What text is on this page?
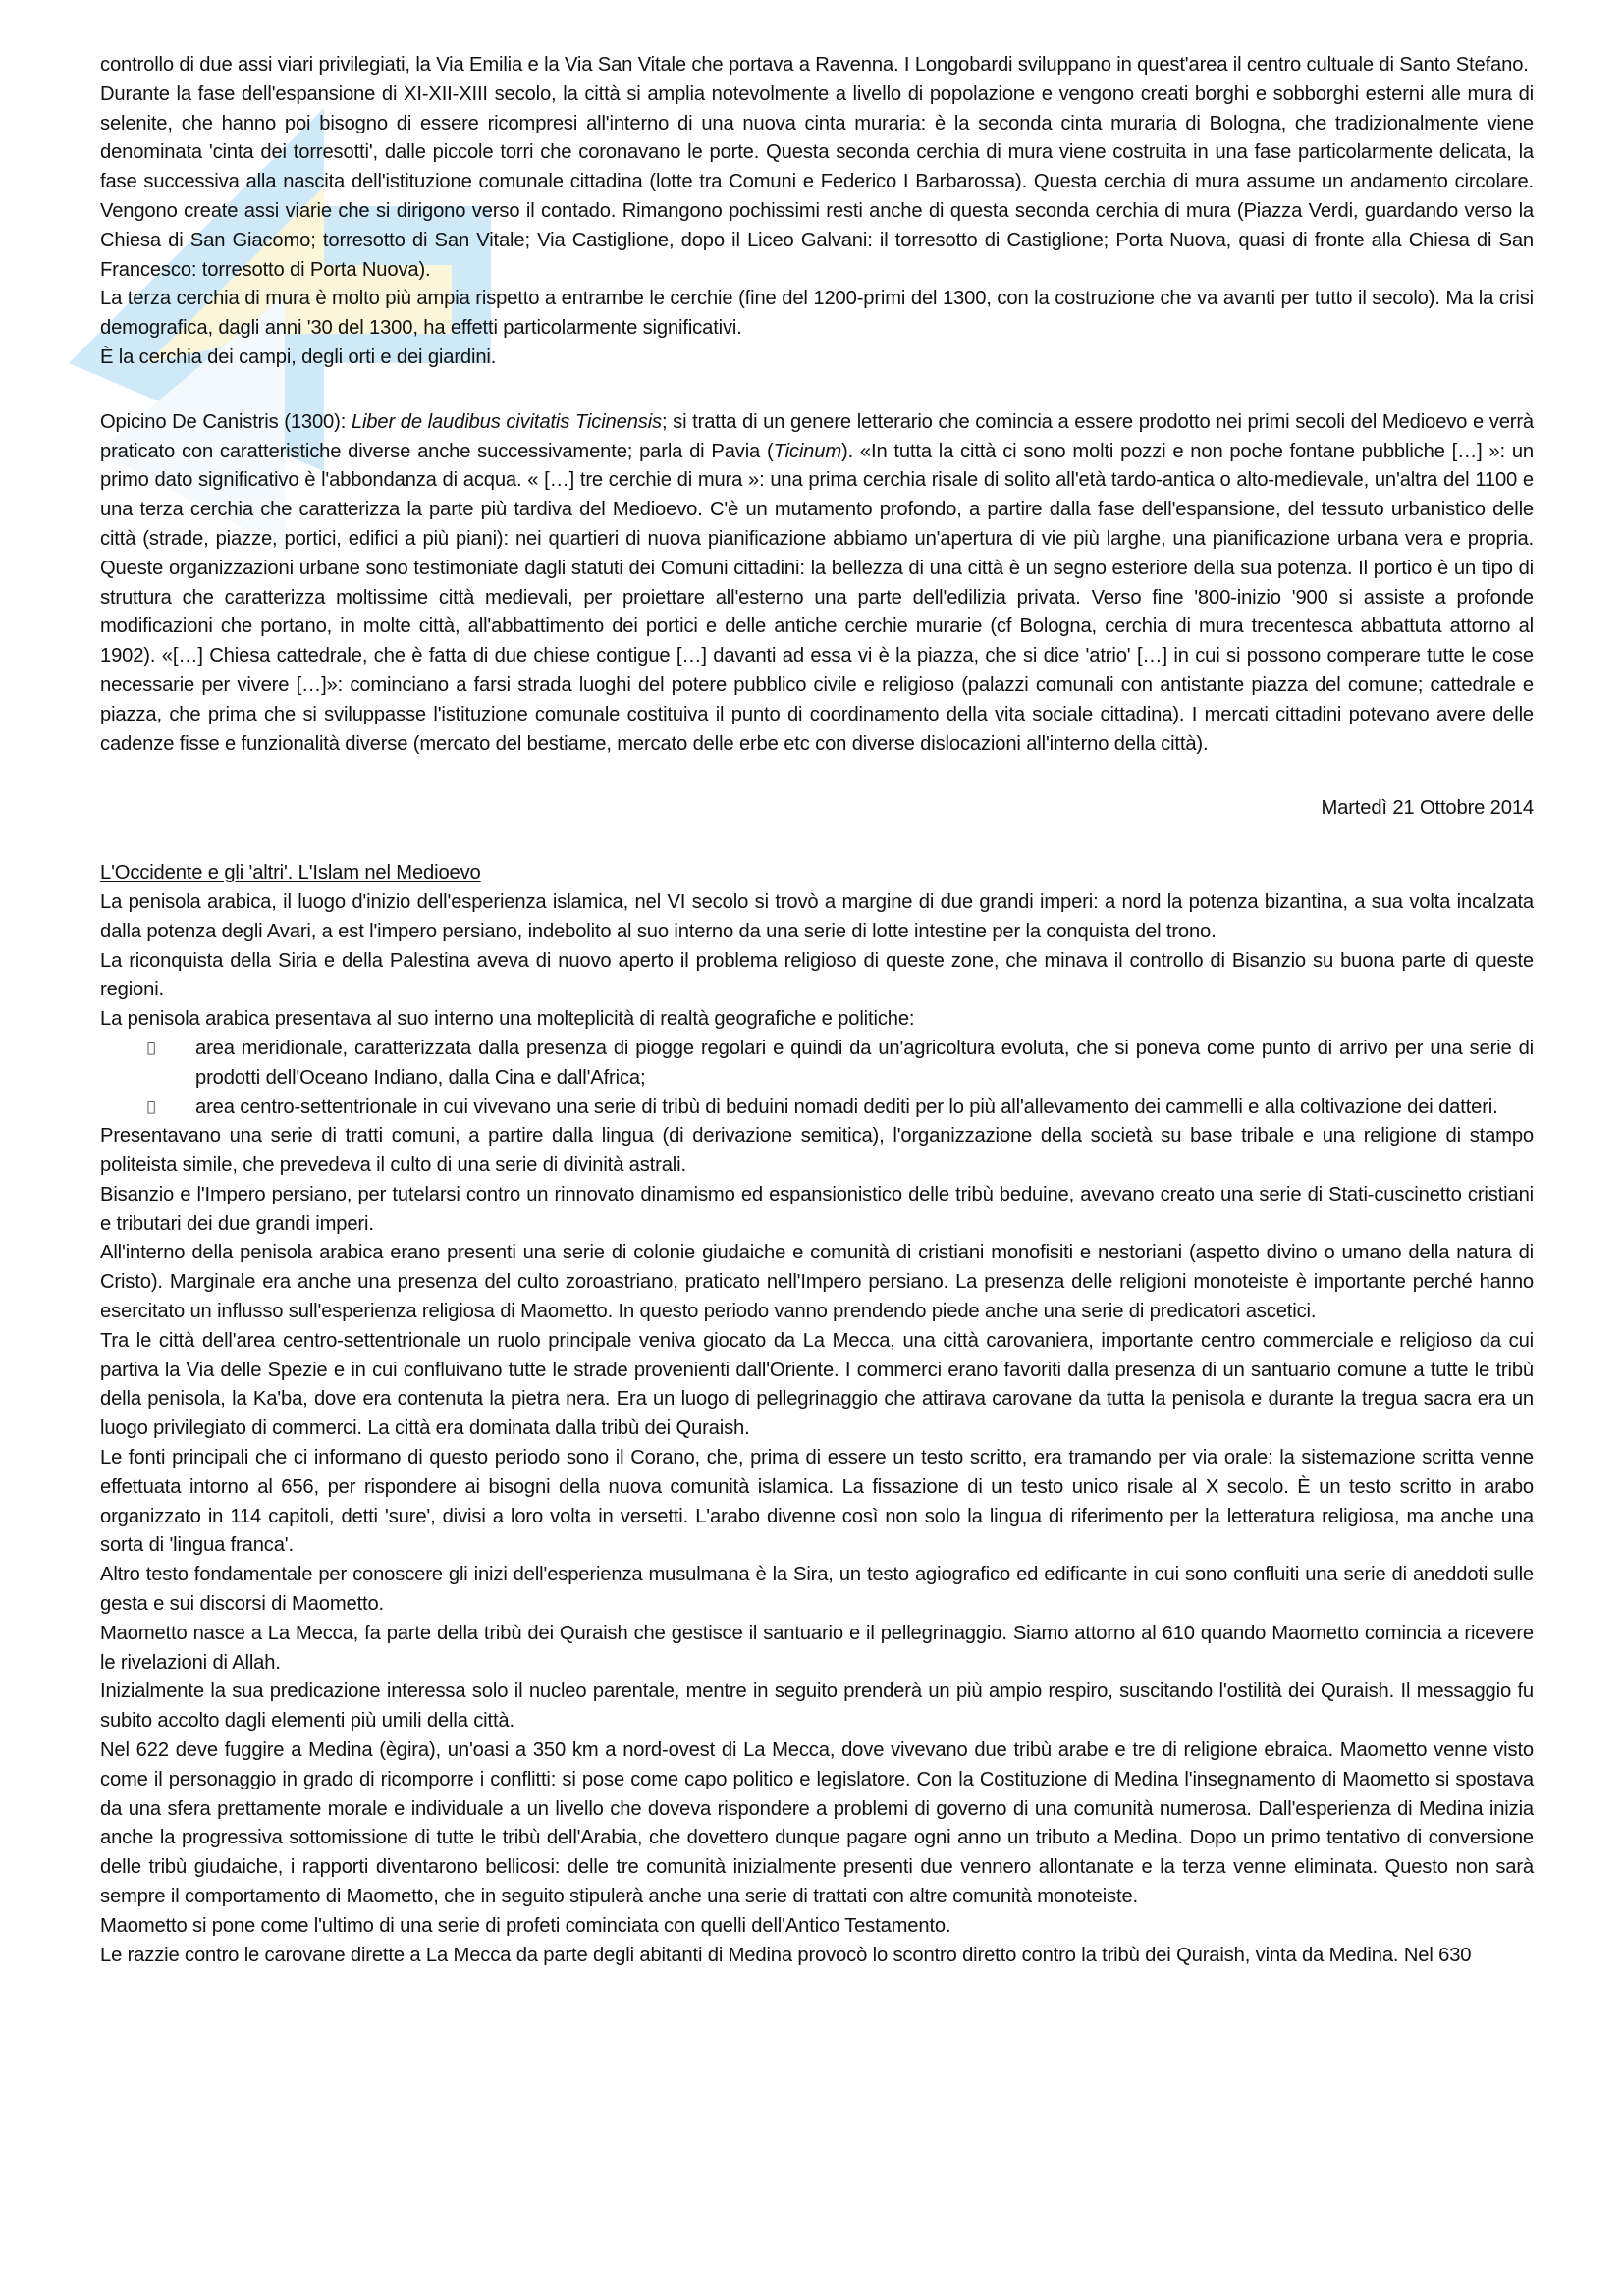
controllo di due assi viari privilegiati, la Via Emilia e la Via San Vitale che portava a Ravenna. I Longobardi sviluppano in quest'area il centro cultuale di Santo Stefano.

Durante la fase dell'espansione di XI-XII-XIII secolo, la città si amplia notevolmente a livello di popolazione e vengono creati borghi e sobborghi esterni alle mura di selenite, che hanno poi bisogno di essere ricompresi all'interno di una nuova cinta muraria: è la seconda cinta muraria di Bologna, che tradizionalmente viene denominata 'cinta dei torresotti', dalle piccole torri che coronavano le porte. Questa seconda cerchia di mura viene costruita in una fase particolarmente delicata, la fase successiva alla nascita dell'istituzione comunale cittadina (lotte tra Comuni e Federico I Barbarossa). Questa cerchia di mura assume un andamento circolare. Vengono create assi viarie che si dirigono verso il contado. Rimangono pochissimi resti anche di questa seconda cerchia di mura (Piazza Verdi, guardando verso la Chiesa di San Giacomo; torresotto di San Vitale; Via Castiglione, dopo il Liceo Galvani: il torresotto di Castiglione; Porta Nuova, quasi di fronte alla Chiesa di San Francesco: torresotto di Porta Nuova).

La terza cerchia di mura è molto più ampia rispetto a entrambe le cerchie (fine del 1200-primi del 1300, con la costruzione che va avanti per tutto il secolo). Ma la crisi demografica, dagli anni '30 del 1300, ha effetti particolarmente significativi.

È la cerchia dei campi, degli orti e dei giardini.

Opicino De Canistris (1300): Liber de laudibus civitatis Ticinensis; si tratta di un genere letterario che comincia a essere prodotto nei primi secoli del Medioevo e verrà praticato con caratteristiche diverse anche successivamente; parla di Pavia (Ticinum). «In tutta la città ci sono molti pozzi e non poche fontane pubbliche […] »: un primo dato significativo è l'abbondanza di acqua. « […] tre cerchie di mura »: una prima cerchia risale di solito all'età tardo-antica o alto-medievale, un'altra del 1100 e una terza cerchia che caratterizza la parte più tardiva del Medioevo. C'è un mutamento profondo, a partire dalla fase dell'espansione, del tessuto urbanistico delle città (strade, piazze, portici, edifici a più piani): nei quartieri di nuova pianificazione abbiamo un'apertura di vie più larghe, una pianificazione urbana vera e propria. Queste organizzazioni urbane sono testimoniate dagli statuti dei Comuni cittadini: la bellezza di una città è un segno esteriore della sua potenza. Il portico è un tipo di struttura che caratterizza moltissime città medievali, per proiettare all'esterno una parte dell'edilizia privata. Verso fine '800-inizio '900 si assiste a profonde modificazioni che portano, in molte città, all'abbattimento dei portici e delle antiche cerchie murarie (cf Bologna, cerchia di mura trecentesca abbattuta attorno al 1902). «[…] Chiesa cattedrale, che è fatta di due chiese contigue […] davanti ad essa vi è la piazza, che si dice 'atrio' […] in cui si possono comperare tutte le cose necessarie per vivere […]»: cominciano a farsi strada luoghi del potere pubblico civile e religioso (palazzi comunali con antistante piazza del comune; cattedrale e piazza, che prima che si sviluppasse l'istituzione comunale costituiva il punto di coordinamento della vita sociale cittadina). I mercati cittadini potevano avere delle cadenze fisse e funzionalità diverse (mercato del bestiame, mercato delle erbe etc con diverse dislocazioni all'interno della città).

Martedì 21 Ottobre 2014

L'Occidente e gli 'altri'. L'Islam nel Medioevo

La penisola arabica, il luogo d'inizio dell'esperienza islamica, nel VI secolo si trovò a margine di due grandi imperi: a nord la potenza bizantina, a sua volta incalzata dalla potenza degli Avari, a est l'impero persiano, indebolito al suo interno da una serie di lotte intestine per la conquista del trono.

La riconquista della Siria e della Palestina aveva di nuovo aperto il problema religioso di queste zone, che minava il controllo di Bisanzio su buona parte di queste regioni.

La penisola arabica presentava al suo interno una molteplicità di realtà geografiche e politiche:

area meridionale, caratterizzata dalla presenza di piogge regolari e quindi da un'agricoltura evoluta, che si poneva come punto di arrivo per una serie di prodotti dell'Oceano Indiano, dalla Cina e dall'Africa;
area centro-settentrionale in cui vivevano una serie di tribù di beduini nomadi dediti per lo più all'allevamento dei cammelli e alla coltivazione dei datteri.

Presentavano una serie di tratti comuni, a partire dalla lingua (di derivazione semitica), l'organizzazione della società su base tribale e una religione di stampo politeista simile, che prevedeva il culto di una serie di divinità astrali.

Bisanzio e l'Impero persiano, per tutelarsi contro un rinnovato dinamismo ed espansionistico delle tribù beduine, avevano creato una serie di Stati-cuscinetto cristiani e tributari dei due grandi imperi.

All'interno della penisola arabica erano presenti una serie di colonie giudaiche e comunità di cristiani monofisiti e nestoriani (aspetto divino o umano della natura di Cristo). Marginale era anche una presenza del culto zoroastriano, praticato nell'Impero persiano. La presenza delle religioni monoteiste è importante perché hanno esercitato un influsso sull'esperienza religiosa di Maometto. In questo periodo vanno prendendo piede anche una serie di predicatori ascetici.

Tra le città dell'area centro-settentrionale un ruolo principale veniva giocato da La Mecca, una città carovaniera, importante centro commerciale e religioso da cui partiva la Via delle Spezie e in cui confluivano tutte le strade provenienti dall'Oriente. I commerci erano favoriti dalla presenza di un santuario comune a tutte le tribù della penisola, la Ka'ba, dove era contenuta la pietra nera. Era un luogo di pellegrinaggio che attirava carovane da tutta la penisola e durante la tregua sacra era un luogo privilegiato di commerci. La città era dominata dalla tribù dei Quraish.

Le fonti principali che ci informano di questo periodo sono il Corano, che, prima di essere un testo scritto, era tramando per via orale: la sistemazione scritta venne effettuata intorno al 656, per rispondere ai bisogni della nuova comunità islamica. La fissazione di un testo unico risale al X secolo. È un testo scritto in arabo organizzato in 114 capitoli, detti 'sure', divisi a loro volta in versetti. L'arabo divenne così non solo la lingua di riferimento per la letteratura religiosa, ma anche una sorta di 'lingua franca'.

Altro testo fondamentale per conoscere gli inizi dell'esperienza musulmana è la Sira, un testo agiografico ed edificante in cui sono confluiti una serie di aneddoti sulle gesta e sui discorsi di Maometto.

Maometto nasce a La Mecca, fa parte della tribù dei Quraish che gestisce il santuario e il pellegrinaggio. Siamo attorno al 610 quando Maometto comincia a ricevere le rivelazioni di Allah.

Inizialmente la sua predicazione interessa solo il nucleo parentale, mentre in seguito prenderà un più ampio respiro, suscitando l'ostilità dei Quraish. Il messaggio fu subito accolto dagli elementi più umili della città.

Nel 622 deve fuggire a Medina (ègira), un'oasi a 350 km a nord-ovest di La Mecca, dove vivevano due tribù arabe e tre di religione ebraica. Maometto venne visto come il personaggio in grado di ricomporre i conflitti: si pose come capo politico e legislatore. Con la Costituzione di Medina l'insegnamento di Maometto si spostava da una sfera prettamente morale e individuale a un livello che doveva rispondere a problemi di governo di una comunità numerosa. Dall'esperienza di Medina inizia anche la progressiva sottomissione di tutte le tribù dell'Arabia, che dovettero dunque pagare ogni anno un tributo a Medina. Dopo un primo tentativo di conversione delle tribù giudaiche, i rapporti diventarono bellicosi: delle tre comunità inizialmente presenti due vennero allontanate e la terza venne eliminata. Questo non sarà sempre il comportamento di Maometto, che in seguito stipulerà anche una serie di trattati con altre comunità monoteiste.

Maometto si pone come l'ultimo di una serie di profeti cominciata con quelli dell'Antico Testamento.

Le razzie contro le carovane dirette a La Mecca da parte degli abitanti di Medina provocò lo scontro diretto contro la tribù dei Quraish, vinta da Medina. Nel 630
